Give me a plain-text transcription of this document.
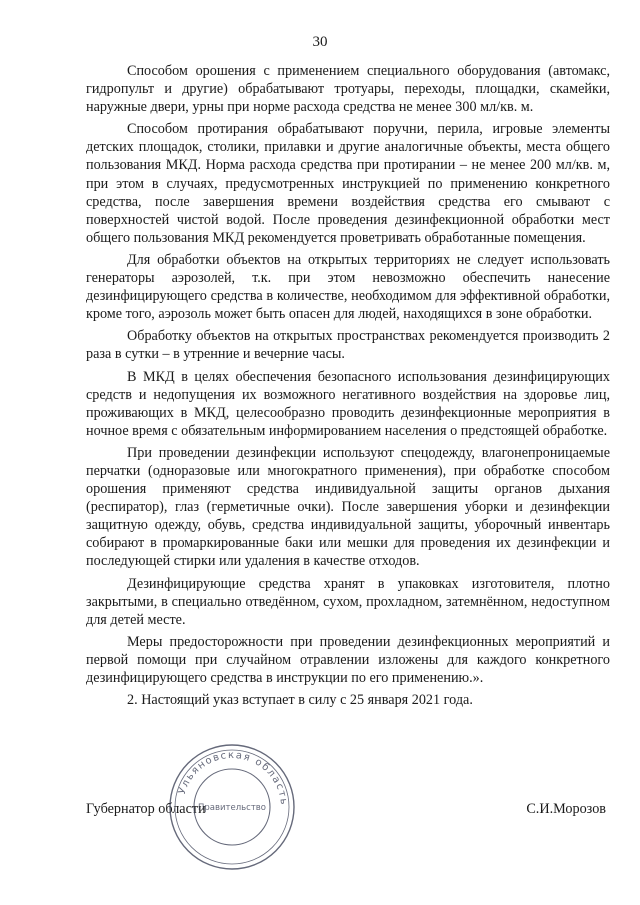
30

Способом орошения с применением специального оборудования (автомакс, гидропульт и другие) обрабатывают тротуары, переходы, площадки, скамейки, наружные двери, урны при норме расхода средства не менее 300 мл/кв. м.

Способом протирания обрабатывают поручни, перила, игровые элементы детских площадок, столики, прилавки и другие аналогичные объекты, места общего пользования МКД. Норма расхода средства при протирании – не менее 200 мл/кв. м, при этом в случаях, предусмотренных инструкцией по применению конкретного средства, после завершения времени воздействия средства его смывают с поверхностей чистой водой. После проведения дезинфекционной обработки мест общего пользования МКД рекомендуется проветривать обработанные помещения.

Для обработки объектов на открытых территориях не следует использовать генераторы аэрозолей, т.к. при этом невозможно обеспечить нанесение дезинфицирующего средства в количестве, необходимом для эффективной обработки, кроме того, аэрозоль может быть опасен для людей, находящихся в зоне обработки.

Обработку объектов на открытых пространствах рекомендуется производить 2 раза в сутки – в утренние и вечерние часы.

В МКД в целях обеспечения безопасного использования дезинфицирующих средств и недопущения их возможного негативного воздействия на здоровье лиц, проживающих в МКД, целесообразно проводить дезинфекционные мероприятия в ночное время с обязательным информированием населения о предстоящей обработке.

При проведении дезинфекции используют спецодежду, влагонепроницаемые перчатки (одноразовые или многократного применения), при обработке способом орошения применяют средства индивидуальной защиты органов дыхания (респиратор), глаз (герметичные очки). После завершения уборки и дезинфекции защитную одежду, обувь, средства индивидуальной защиты, уборочный инвентарь собирают в промаркированные баки или мешки для проведения их дезинфекции и последующей стирки или удаления в качестве отходов.

Дезинфицирующие средства хранят в упаковках изготовителя, плотно закрытыми, в специально отведённом, сухом, прохладном, затемнённом, недоступном для детей месте.

Меры предосторожности при проведении дезинфекционных мероприятий и первой помощи при случайном отравлении изложены для каждого конкретного дезинфицирующего средства в инструкции по его применению.».

2. Настоящий указ вступает в силу с 25 января 2021 года.

Губернатор области	С.И.Морозов
Ульяновская область
Правительство
